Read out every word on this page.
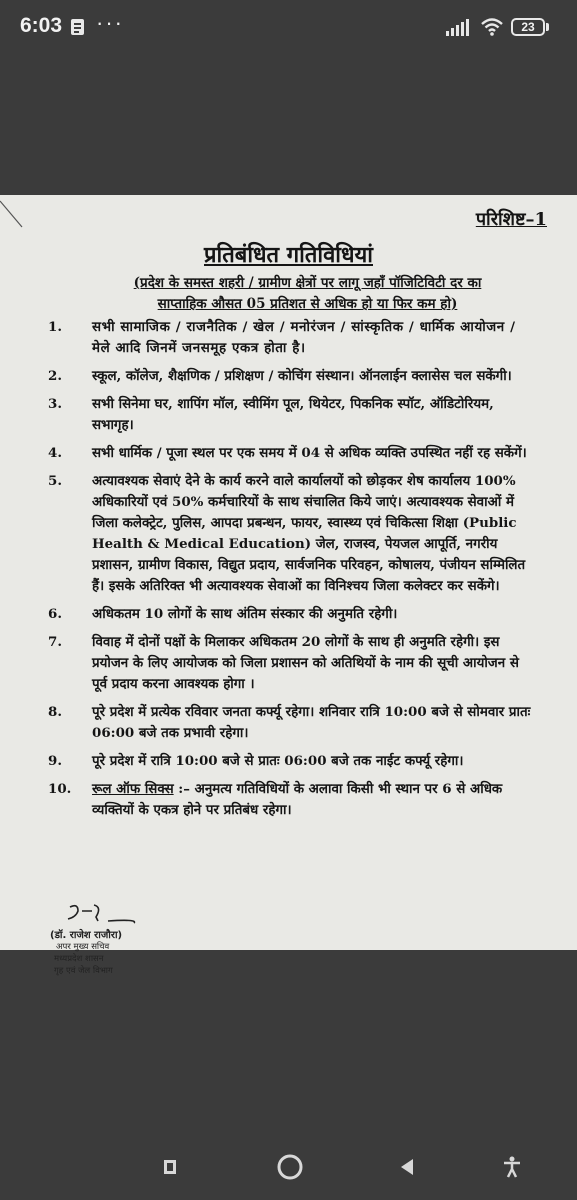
6:03 ···	23
परिशिष्ट–1
प्रतिबंधित गतिविधियां
(प्रदेश के समस्त शहरी / ग्रामीण क्षेत्रों पर लागू जहाँ पॉजिटिविटी दर का साप्ताहिक औसत 05 प्रतिशत से अधिक हो या फिर कम हो)
1.	सभी सामाजिक / राजनैतिक / खेल / मनोरंजन / सांस्कृतिक / धार्मिक आयोजन / मेले आदि जिनमें जनसमूह एकत्र होता है।
2.	स्कूल, कॉलेज, शैक्षणिक / प्रशिक्षण / कोचिंग संस्थान। ऑनलाईन क्लासेस चल सकेंगी।
3.	सभी सिनेमा घर, शापिंग मॉल, स्वीमिंग पूल, थियेटर, पिकनिक स्पॉट, ऑडिटोरियम, सभागृह।
4.	सभी धार्मिक / पूजा स्थल पर एक समय में 04 से अधिक व्यक्ति उपस्थित नहीं रह सकेंगें।
5.	अत्यावश्यक सेवाएं देने के कार्य करने वाले कार्यालयों को छोड़कर शेष कार्यालय 100% अधिकारियों एवं 50% कर्मचारियों के साथ संचालित किये जाएं। अत्यावश्यक सेवाओं में जिला कलेक्ट्रेट, पुलिस, आपदा प्रबन्धन, फायर, स्वास्थ्य एवं चिकित्सा शिक्षा (Public Health & Medical Education) जेल, राजस्व, पेयजल आपूर्ति, नगरीय प्रशासन, ग्रामीण विकास, विद्युत प्रदाय, सार्वजनिक परिवहन, कोषालय, पंजीयन सम्मिलित हैं। इसके अतिरिक्त भी अत्यावश्यक सेवाओं का विनिश्चय जिला कलेक्टर कर सकेंगे।
6.	अधिकतम 10 लोगों के साथ अंतिम संस्कार की अनुमति रहेगी।
7.	विवाह में दोनों पक्षों के मिलाकर अधिकतम 20 लोगों के साथ ही अनुमति रहेगी। इस प्रयोजन के लिए आयोजक को जिला प्रशासन को अतिथियों के नाम की सूची आयोजन से पूर्व प्रदाय करना आवश्यक होगा ।
8.	पूरे प्रदेश में प्रत्येक रविवार जनता कर्फ्यू रहेगा। शनिवार रात्रि 10:00 बजे से सोमवार प्रातः 06:00 बजे तक प्रभावी रहेगा।
9.	पूरे प्रदेश में रात्रि 10:00 बजे से प्रातः 06:00 बजे तक नाईट कर्फ्यू रहेगा।
10.	रूल ऑफ सिक्स :– अनुमत्य गतिविधियों के अलावा किसी भी स्थान पर 6 से अधिक व्यक्तियों के एकत्र होने पर प्रतिबंध रहेगा।
(डॉ. राजेश राजौरा)
अपर मुख्य सचिव
मध्यप्रदेश शासन
गृह एवं जेल विभाग
